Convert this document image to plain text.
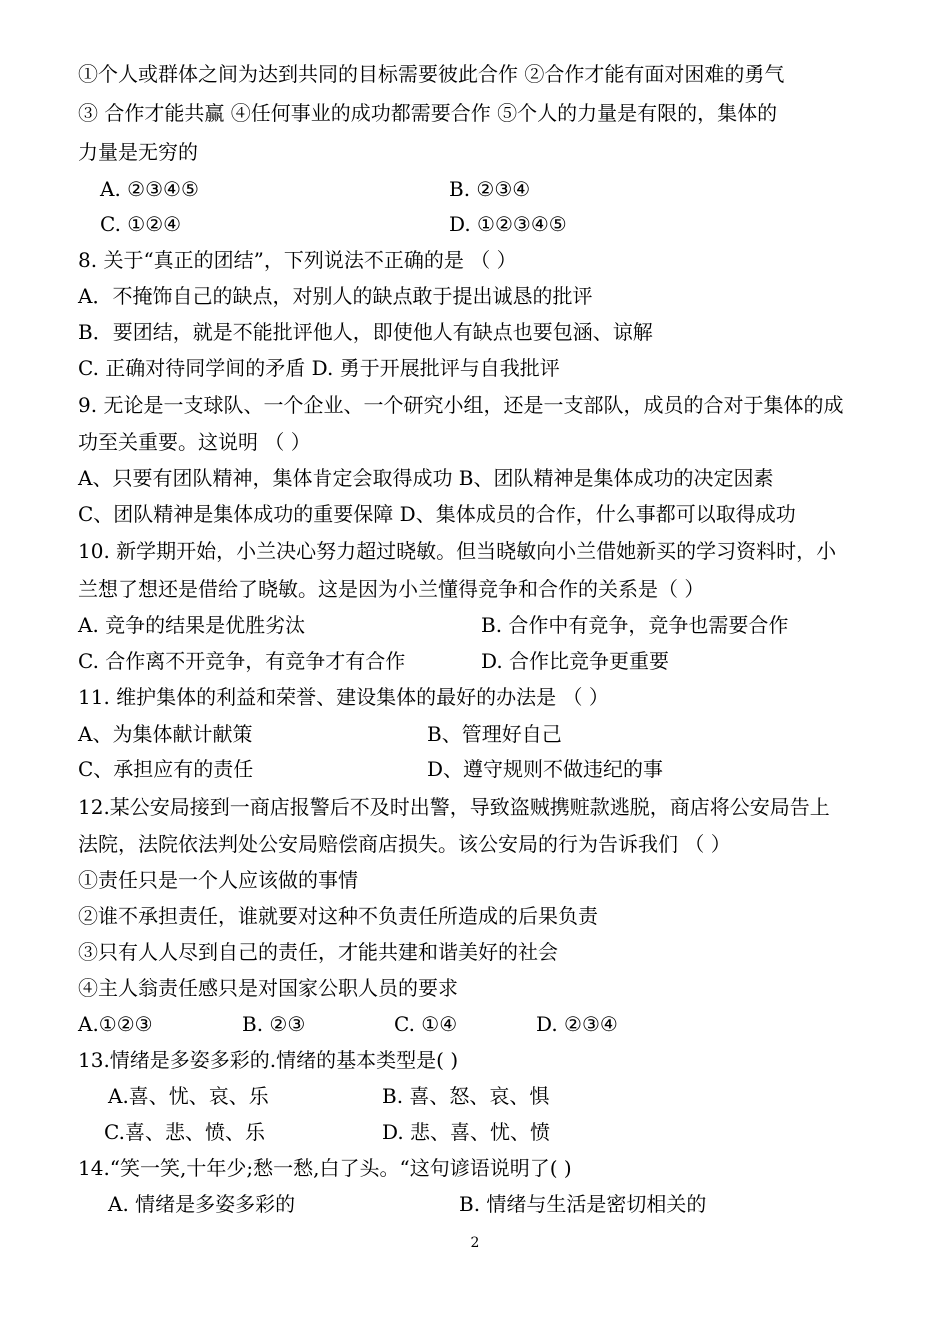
①个人或群体之间为达到共同的目标需要彼此合作 ②合作才能有面对困难的勇气
③ 合作才能共赢 ④任何事业的成功都需要合作 ⑤个人的力量是有限的，集体的
力量是无穷的
A. ②③④⑤	B. ②③④
C. ①②④	D. ①②③④⑤
8. 关于“真正的团结”，下列说法不正确的是 （ ）
A．不掩饰自己的缺点，对别人的缺点敢于提出诚恳的批评
B．要团结，就是不能批评他人，即使他人有缺点也要包涵、谅解
C. 正确对待同学间的矛盾 D. 勇于开展批评与自我批评
9. 无论是一支球队、一个企业、一个研究小组，还是一支部队，成员的合对于集体的成
功至关重要。这说明 （ ）
A、只要有团队精神，集体肯定会取得成功 B、团队精神是集体成功的决定因素
C、团队精神是集体成功的重要保障 D、集体成员的合作，什么事都可以取得成功
10. 新学期开始，小兰决心努力超过晓敏。但当晓敏向小兰借她新买的学习资料时，小
兰想了想还是借给了晓敏。这是因为小兰懂得竞争和合作的关系是（ ）
A. 竞争的结果是优胜劣汰	B. 合作中有竞争，竞争也需要合作
C. 合作离不开竞争，有竞争才有合作	D. 合作比竞争更重要
11. 维护集体的利益和荣誉、建设集体的最好的办法是 （ ）
A、为集体献计献策	B、管理好自己
C、承担应有的责任	D、遵守规则不做违纪的事
12.某公安局接到一商店报警后不及时出警，导致盗贼携赃款逃脱，商店将公安局告上
法院，法院依法判处公安局赔偿商店损失。该公安局的行为告诉我们 （ ）
①责任只是一个人应该做的事情
②谁不承担责任，谁就要对这种不负责任所造成的后果负责
③只有人人尽到自己的责任，才能共建和谐美好的社会
④主人翁责任感只是对国家公职人员的要求
A.①②③	B. ②③	C. ①④	D. ②③④
13.情绪是多姿多彩的.情绪的基本类型是( )
A.喜、忧、哀、乐	B. 喜、怒、哀、惧
C.喜、悲、愤、乐	D. 悲、喜、忧、愤
14.“笑一笑,十年少;愁一愁,白了头。“这句谚语说明了( )
A. 情绪是多姿多彩的	B. 情绪与生活是密切相关的
2
